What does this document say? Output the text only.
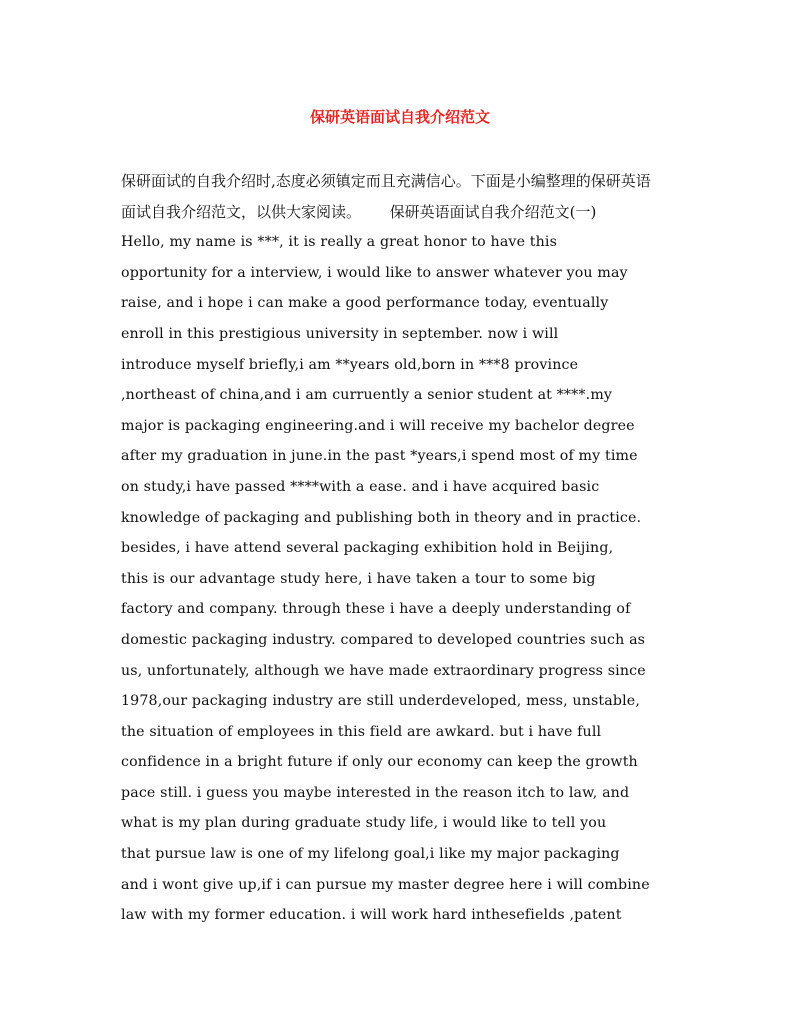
保研英语面试自我介绍范文
保研面试的自我介绍时,态度必须镇定而且充满信心。下面是小编整理的保研英语
面试自我介绍范文，以供大家阅读。      保研英语面试自我介绍范文(一)
Hello, my name is ***, it is really a great honor to have this
opportunity for a interview, i would like to answer whatever you may
raise, and i hope i can make a good performance today, eventually
enroll in this prestigious university in september. now i will
introduce myself briefly,i am **years old,born in ***8 province
,northeast of china,and i am curruently a senior student at ****.my
major is packaging engineering.and i will receive my bachelor degree
after my graduation in june.in the past *years,i spend most of my time
on study,i have passed ****with a ease. and i have acquired basic
knowledge of packaging and publishing both in theory and in practice.
besides, i have attend several packaging exhibition hold in Beijing,
this is our advantage study here, i have taken a tour to some big
factory and company. through these i have a deeply understanding of
domestic packaging industry. compared to developed countries such as
us, unfortunately, although we have made extraordinary progress since
1978,our packaging industry are still underdeveloped, mess, unstable,
the situation of employees in this field are awkard. but i have full
confidence in a bright future if only our economy can keep the growth
pace still. i guess you maybe interested in the reason itch to law, and
what is my plan during graduate study life, i would like to tell you
that pursue law is one of my lifelong goal,i like my major packaging
and i wont give up,if i can pursue my master degree here i will combine
law with my former education. i will work hard inthesefields ,patent
